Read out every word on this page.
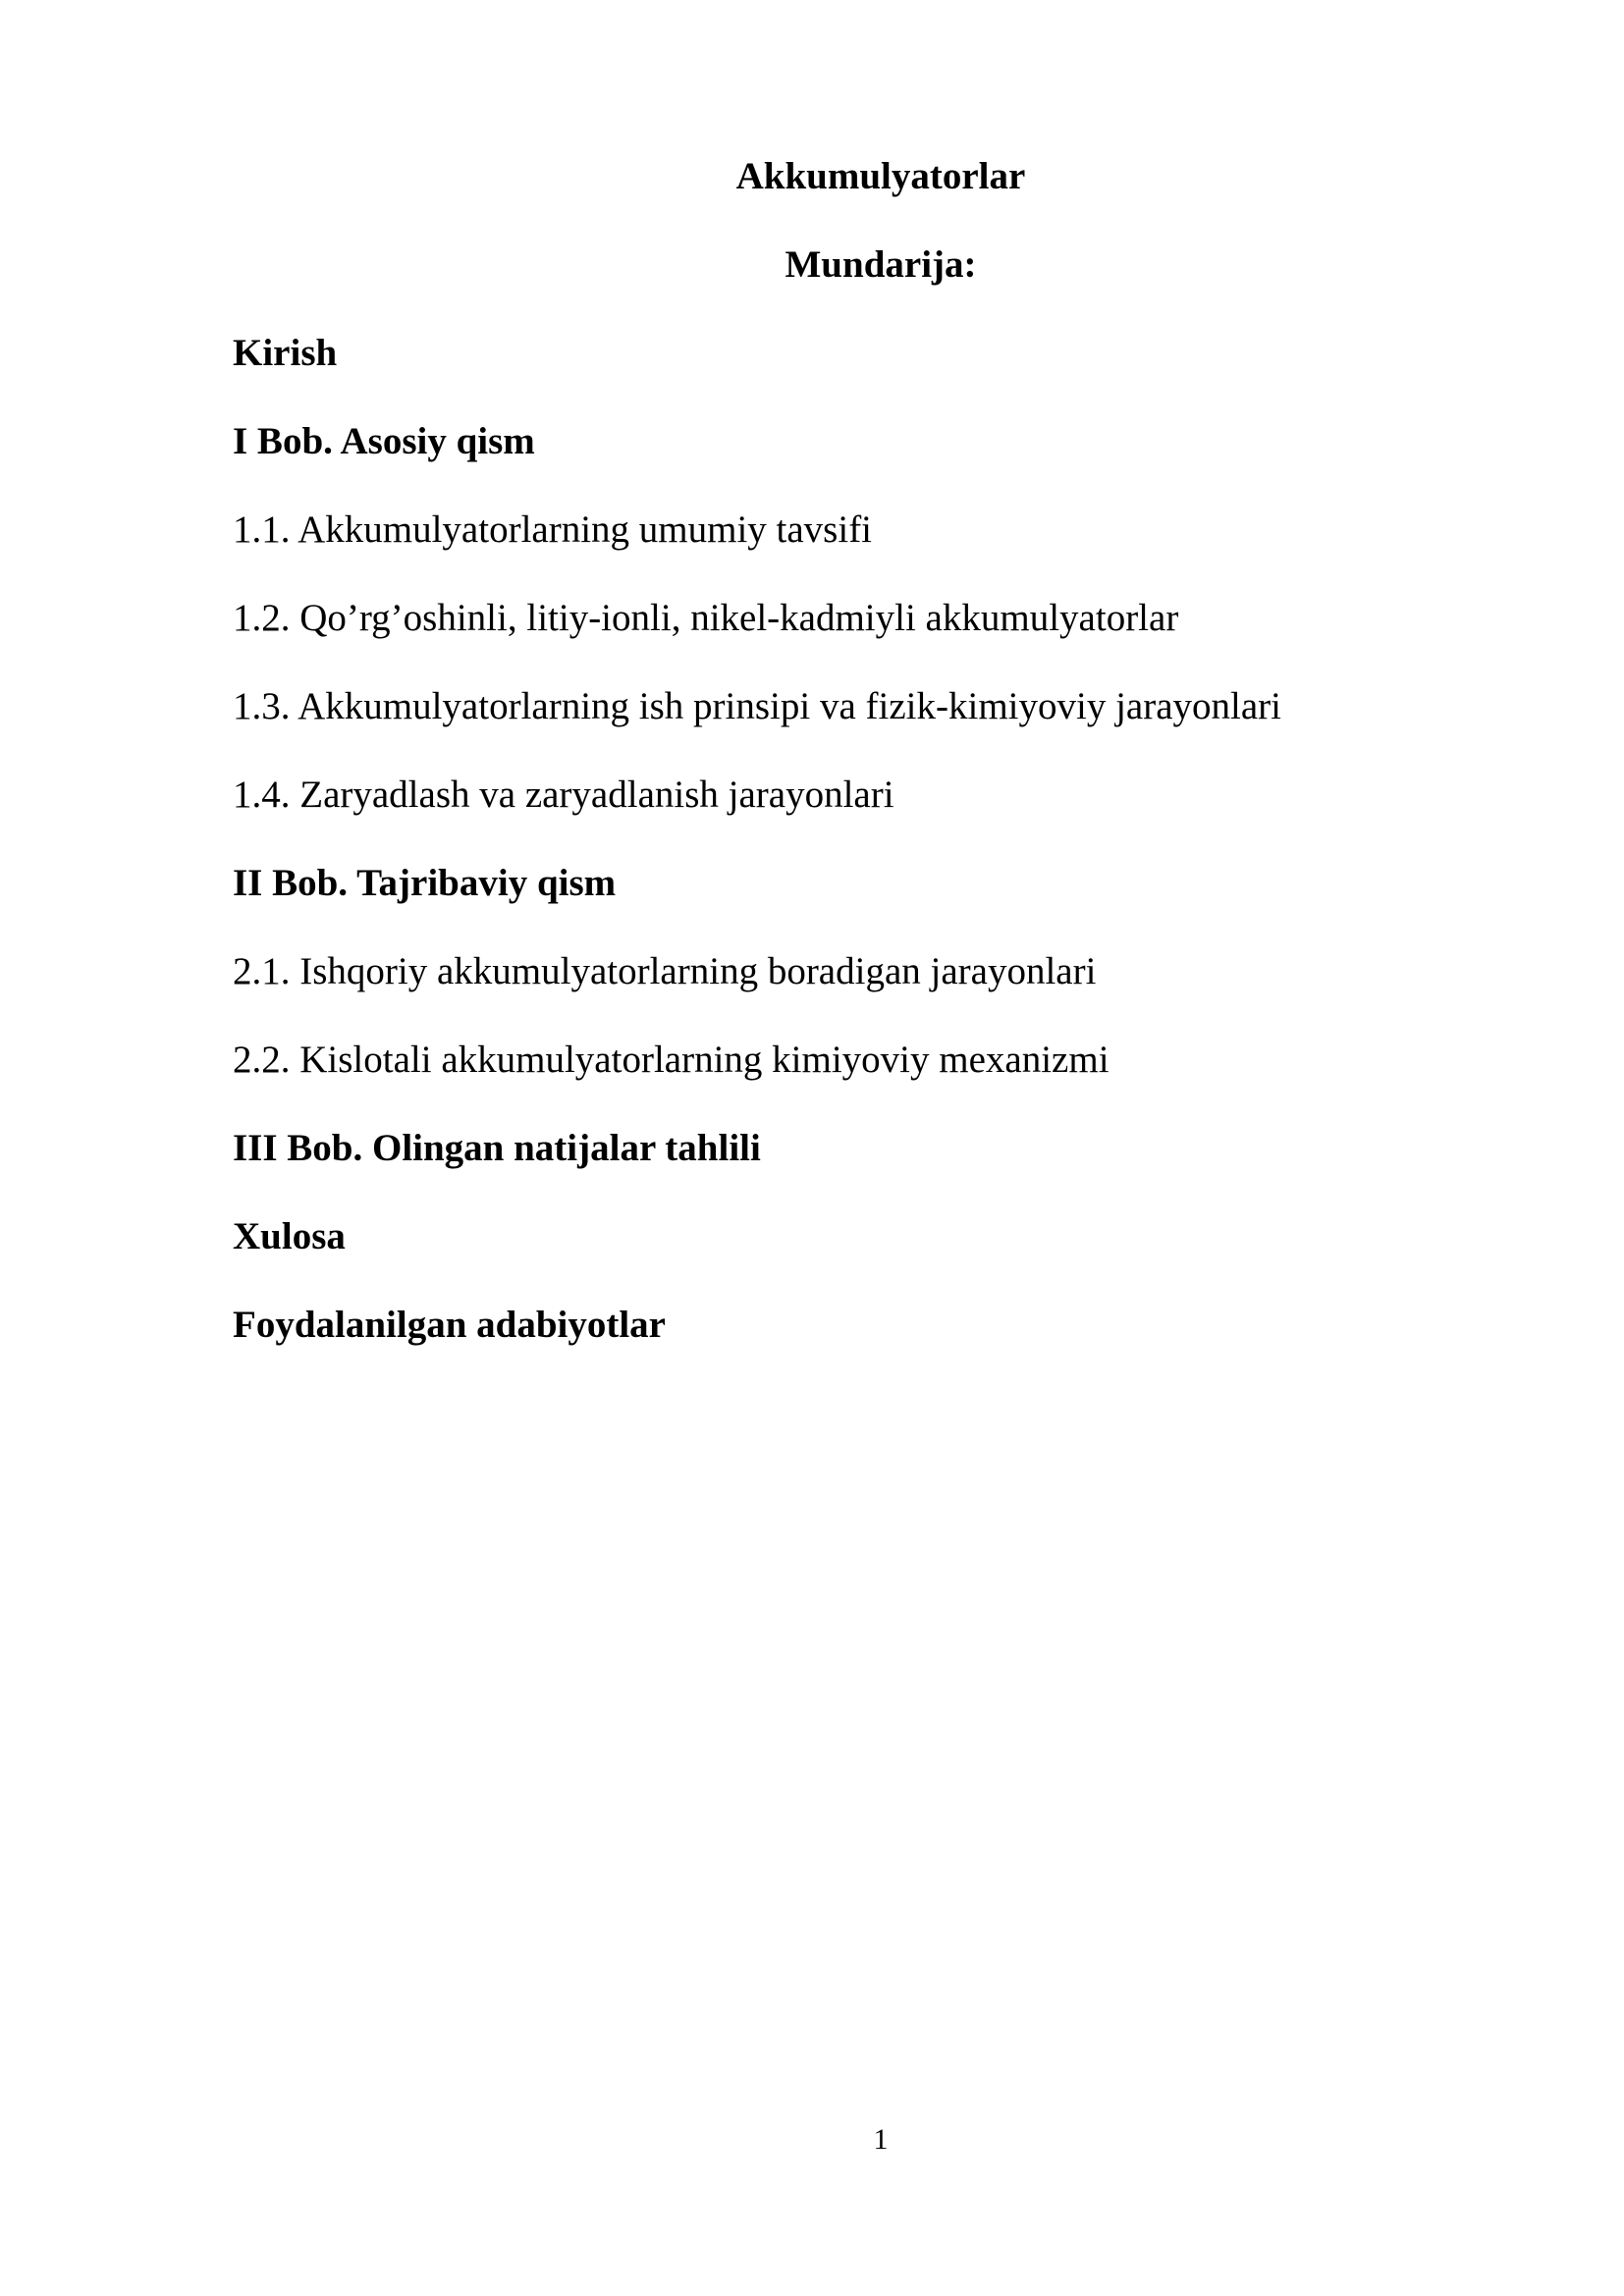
Akkumulyatorlar

Mundarija:

Kirish

I Bob. Asosiy qism

1.1. Akkumulyatorlarning umumiy tavsifi

1.2. Qo’rg’oshinli, litiy-ionli, nikel-kadmiyli akkumulyatorlar

1.3. Akkumulyatorlarning ish prinsipi va fizik-kimiyoviy jarayonlari

1.4. Zaryadlash va zaryadlanish jarayonlari

II Bob. Tajribaviy qism

2.1. Ishqoriy akkumulyatorlarning boradigan jarayonlari

2.2. Kislotali akkumulyatorlarning kimiyoviy mexanizmi

III Bob. Olingan natijalar tahlili

Xulosa

Foydalanilgan adabiyotlar

1
